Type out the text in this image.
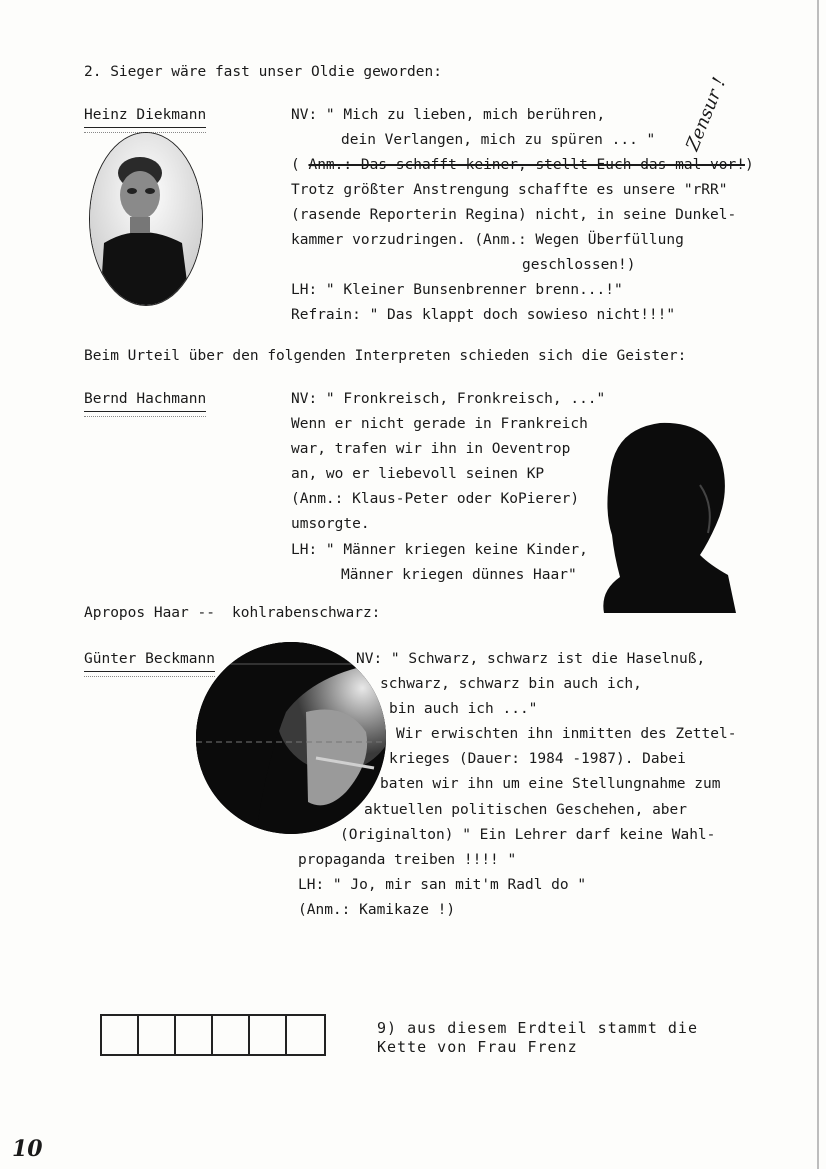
2. Sieger wäre fast unser Oldie geworden:
Zensur !
Heinz Diekmann	NV: " Mich zu lieben, mich berühren,
dein Verlangen, mich zu spüren ... "
( Anm.: Das schafft keiner, stellt Euch das mal vor!)
Trotz größter Anstrengung schaffte es unsere "rRR"
(rasende Reporterin Regina) nicht, in seine Dunkel-
kammer vorzudringen. (Anm.: Wegen Überfüllung
geschlossen!)
LH: " Kleiner Bunsenbrenner brenn...!"
Refrain: " Das klappt doch sowieso nicht!!!"
Beim Urteil über den folgenden Interpreten schieden sich die Geister:
Bernd Hachmann	NV: " Fronkreisch, Fronkreisch, ..."
Wenn er nicht gerade in Frankreich
war, trafen wir ihn in Oeventrop
an, wo er liebevoll seinen KP
(Anm.: Klaus-Peter oder KoPierer)
umsorgte.
LH: " Männer kriegen keine Kinder,
Männer kriegen dünnes Haar"
Apropos Haar -- kohlrabenschwarz:
Günter Beckmann	NV: " Schwarz, schwarz ist die Haselnuß,
schwarz, schwarz bin auch ich,
bin auch ich ..."
Wir erwischten ihn inmitten des Zettel-
krieges (Dauer: 1984 -1987). Dabei
baten wir ihn um eine Stellungnahme zum
aktuellen politischen Geschehen, aber
(Originalton) " Ein Lehrer darf keine Wahl-
propaganda treiben !!!! "
LH: " Jo, mir san mit'm Radl do "
(Anm.: Kamikaze !)
9) aus diesem Erdteil stammt die
Kette von Frau Frenz
10
